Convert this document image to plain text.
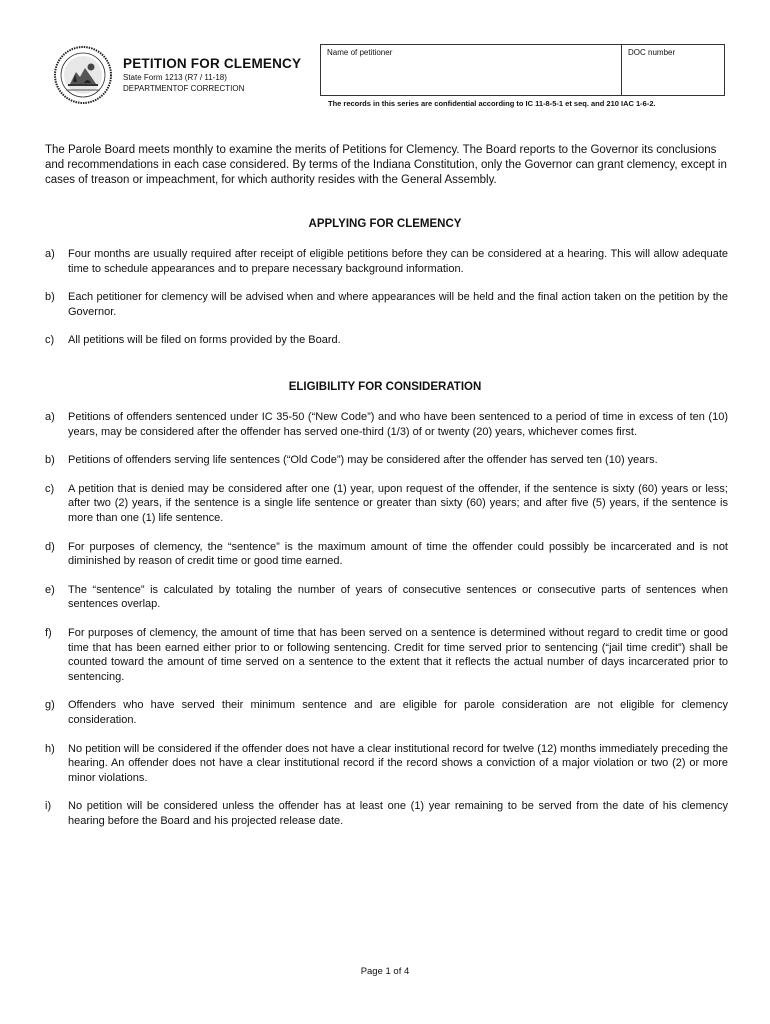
PETITION FOR CLEMENCY
State Form 1213 (R7 / 11-18)
DEPARTMENTOF CORRECTION
Name of petitioner	DOC number
The records in this series are confidential according to IC 11-8-5-1 et seq. and 210 IAC 1-6-2.

The Parole Board meets monthly to examine the merits of Petitions for Clemency. The Board reports to the Governor its conclusions and recommendations in each case considered. By terms of the Indiana Constitution, only the Governor can grant clemency, except in cases of treason or impeachment, for which authority resides with the General Assembly.

APPLYING FOR CLEMENCY
a)	Four months are usually required after receipt of eligible petitions before they can be considered at a hearing. This will allow adequate time to schedule appearances and to prepare necessary background information.
b)	Each petitioner for clemency will be advised when and where appearances will be held and the final action taken on the petition by the Governor.
c)	All petitions will be filed on forms provided by the Board.
ELIGIBILITY FOR CONSIDERATION
a)	Petitions of offenders sentenced under IC 35-50 (“New Code”) and who have been sentenced to a period of time in excess of ten (10) years, may be considered after the offender has served one-third (1/3) of or twenty (20) years, whichever comes first.
b)	Petitions of offenders serving life sentences (“Old Code”) may be considered after the offender has served ten (10) years.
c)	A petition that is denied may be considered after one (1) year, upon request of the offender, if the sentence is sixty (60) years or less; after two (2) years, if the sentence is a single life sentence or greater than sixty (60) years; and after five (5) years, if the sentence is more than one (1) life sentence.
d)	For purposes of clemency, the “sentence” is the maximum amount of time the offender could possibly be incarcerated and is not diminished by reason of credit time or good time earned.
e)	The “sentence” is calculated by totaling the number of years of consecutive sentences or consecutive parts of sentences when sentences overlap.
f)	For purposes of clemency, the amount of time that has been served on a sentence is determined without regard to credit time or good time that has been earned either prior to or following sentencing. Credit for time served prior to sentencing (“jail time credit”) shall be counted toward the amount of time served on a sentence to the extent that it reflects the actual number of days incarcerated prior to sentencing.
g)	Offenders who have served their minimum sentence and are eligible for parole consideration are not eligible for clemency consideration.
h)	No petition will be considered if the offender does not have a clear institutional record for twelve (12) months immediately preceding the hearing. An offender does not have a clear institutional record if the record shows a conviction of a major violation or two (2) or more minor violations.
i)	No petition will be considered unless the offender has at least one (1) year remaining to be served from the date of his clemency hearing before the Board and his projected release date.
Page 1 of 4
